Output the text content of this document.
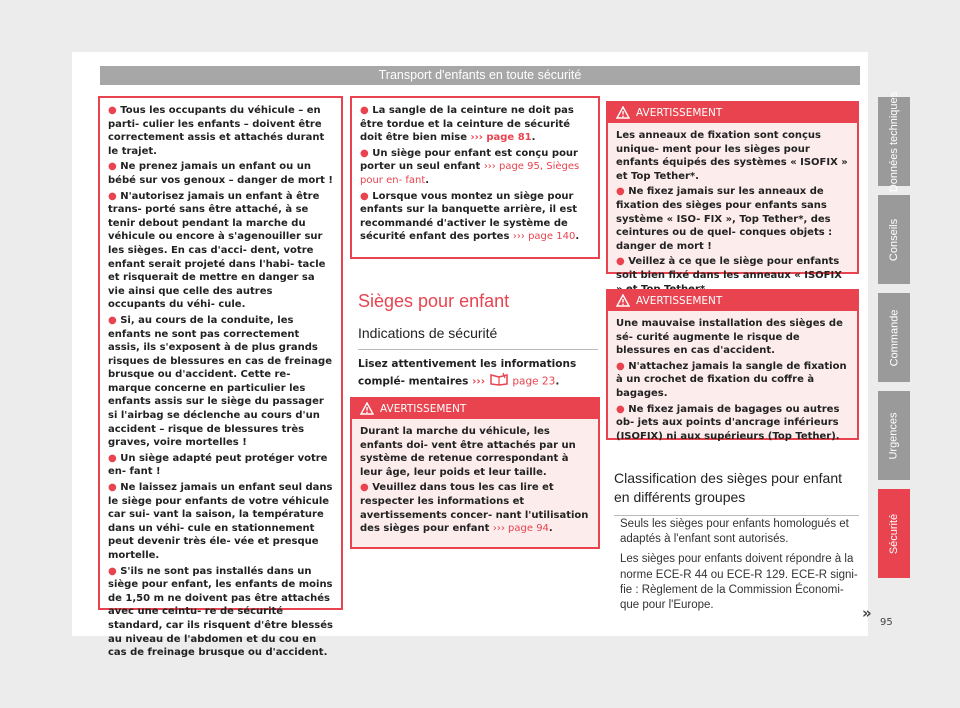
Transport d'enfants en toute sécurité

● Tous les occupants du véhicule – en parti- culier les enfants – doivent être correctement assis et attachés durant le trajet.

● Ne prenez jamais un enfant ou un bébé sur vos genoux – danger de mort !

● N'autorisez jamais un enfant à être trans- porté sans être attaché, à se tenir debout pendant la marche du véhicule ou encore à s'agenouiller sur les sièges. En cas d'acci- dent, votre enfant serait projeté dans l'habi- tacle et risquerait de mettre en danger sa vie ainsi que celle des autres occupants du véhi- cule.

● Si, au cours de la conduite, les enfants ne sont pas correctement assis, ils s'exposent à de plus grands risques de blessures en cas de freinage brusque ou d'accident. Cette re- marque concerne en particulier les enfants assis sur le siège du passager si l'airbag se déclenche au cours d'un accident – risque de blessures très graves, voire mortelles !

● Un siège adapté peut protéger votre en- fant !

● Ne laissez jamais un enfant seul dans le siège pour enfants de votre véhicule car sui- vant la saison, la température dans un véhi- cule en stationnement peut devenir très éle- vée et presque mortelle.

● S'ils ne sont pas installés dans un siège pour enfant, les enfants de moins de 1,50 m ne doivent pas être attachés avec une ceintu- re de sécurité standard, car ils risquent d'être blessés au niveau de l'abdomen et du cou en cas de freinage brusque ou d'accident.

● La sangle de la ceinture ne doit pas être tordue et la ceinture de sécurité doit être bien mise ››› page 81.

● Un siège pour enfant est conçu pour porter un seul enfant ››› page 95, Sièges pour en- fant.

● Lorsque vous montez un siège pour enfants sur la banquette arrière, il est recommandé d'activer le système de sécurité enfant des portes ››› page 140.

Sièges pour enfant
Indications de sécurité
Lisez attentivement les informations complé- mentaires ›››	page 23.
AVERTISSEMENT

Durant la marche du véhicule, les enfants doi- vent être attachés par un système de retenue correspondant à leur âge, leur poids et leur taille.

● Veuillez dans tous les cas lire et respecter les informations et avertissements concer- nant l'utilisation des sièges pour enfant ››› page 94.

AVERTISSEMENT

Les anneaux de fixation sont conçus unique- ment pour les sièges pour enfants équipés des systèmes « ISOFIX » et Top Tether*.

● Ne fixez jamais sur les anneaux de fixation des sièges pour enfants sans système « ISO- FIX », Top Tether*, des ceintures ou de quel- conques objets : danger de mort !

● Veillez à ce que le siège pour enfants soit bien fixé dans les anneaux « ISOFIX

AVERTISSEMENT

Une mauvaise installation des sièges de sé- curité augmente le risque de blessures en cas d'accident.

● N'attachez jamais la sangle de fixation à un crochet de fixation du coffre à bagages.

● Ne fixez jamais de bagages ou autres ob- jets aux points d'ancrage inférieurs (ISOFIX) ni aux supérieurs (Top Tether).

Classification des sièges pour enfant en différents groupes

Seuls les sièges pour enfants homologués et adaptés à l'enfant sont autorisés.

Les sièges pour enfants doivent répondre à la norme ECE-R 44 ou ECE-R 129. ECE-R signi- fie : Règlement de la Commission Économi- que pour l'Europe.	»
Données techniques
Conseils
Commande
Urgences
Sécurité
95
